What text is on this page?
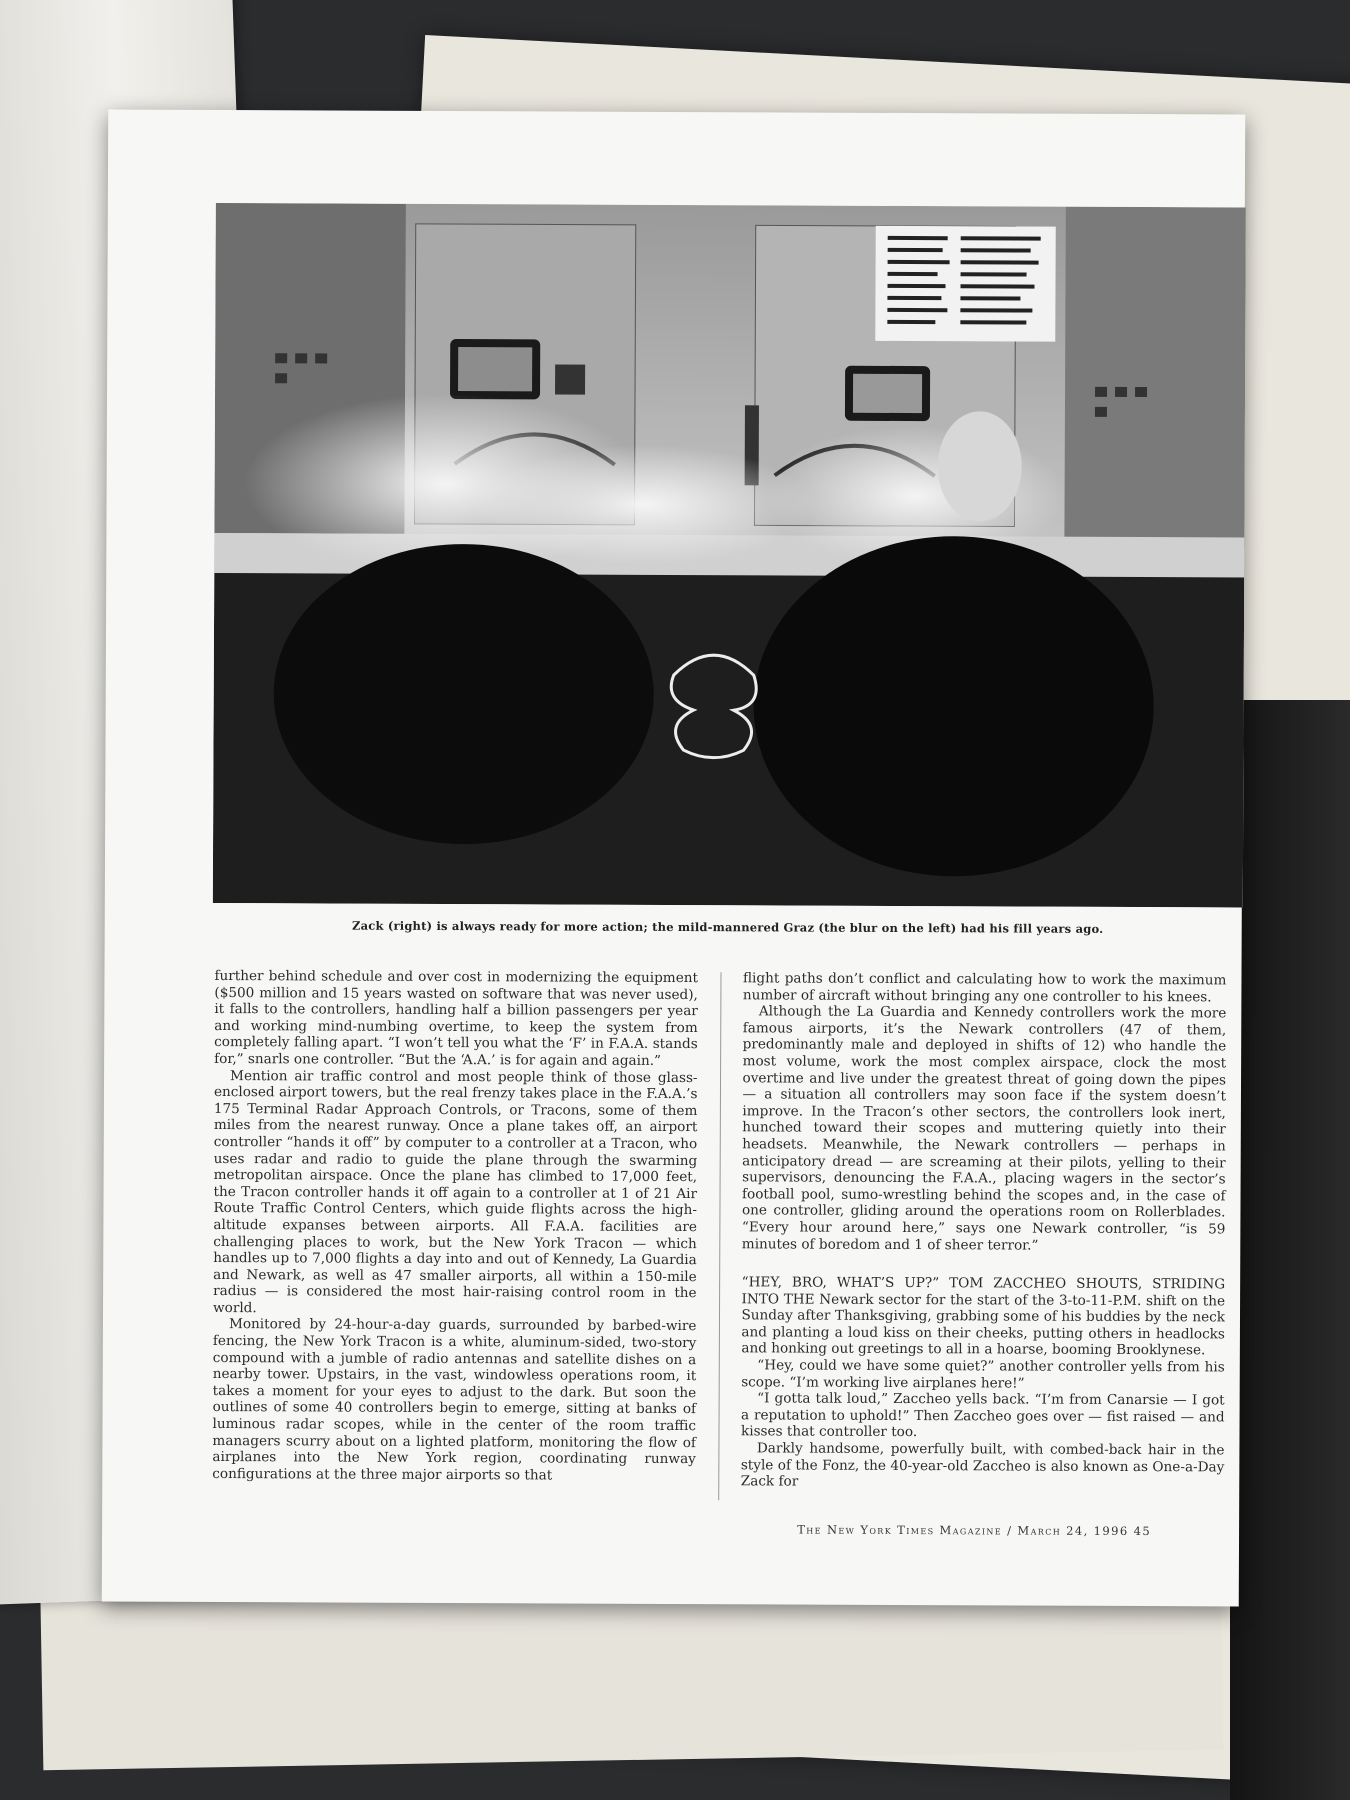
Zack (right) is always ready for more action; the mild-mannered Graz (the blur on the left) had his fill years ago.

further behind schedule and over cost in modernizing the equipment ($500 million and 15 years wasted on software that was never used), it falls to the controllers, handling half a billion passengers per year and working mind-numbing overtime, to keep the system from completely falling apart. “I won’t tell you what the ‘F’ in F.A.A. stands for,” snarls one controller. “But the ‘A.A.’ is for again and again.”

Mention air traffic control and most people think of those glass-enclosed airport towers, but the real frenzy takes place in the F.A.A.’s 175 Terminal Radar Approach Controls, or Tracons, some of them miles from the nearest runway. Once a plane takes off, an airport controller “hands it off” by computer to a controller at a Tracon, who uses radar and radio to guide the plane through the swarming metropolitan airspace. Once the plane has climbed to 17,000 feet, the Tracon controller hands it off again to a controller at 1 of 21 Air Route Traffic Control Centers, which guide flights across the high-altitude expanses between airports. All F.A.A. facilities are challenging places to work, but the New York Tracon — which handles up to 7,000 flights a day into and out of Kennedy, La Guardia and Newark, as well as 47 smaller airports, all within a 150-mile radius — is considered the most hair-raising control room in the world.

Monitored by 24-hour-a-day guards, surrounded by barbed-wire fencing, the New York Tracon is a white, aluminum-sided, two-story compound with a jumble of radio antennas and satellite dishes on a nearby tower. Upstairs, in the vast, windowless operations room, it takes a moment for your eyes to adjust to the dark. But soon the outlines of some 40 controllers begin to emerge, sitting at banks of luminous radar scopes, while in the center of the room traffic managers scurry about on a lighted platform, monitoring the flow of airplanes into the New York region, coordinating runway configurations at the three major airports so that

flight paths don’t conflict and calculating how to work the maximum number of aircraft without bringing any one controller to his knees.

Although the La Guardia and Kennedy controllers work the more famous airports, it’s the Newark controllers (47 of them, predominantly male and deployed in shifts of 12) who handle the most volume, work the most complex airspace, clock the most overtime and live under the greatest threat of going down the pipes — a situation all controllers may soon face if the system doesn’t improve. In the Tracon’s other sectors, the controllers look inert, hunched toward their scopes and muttering quietly into their headsets. Meanwhile, the Newark controllers — perhaps in anticipatory dread — are screaming at their pilots, yelling to their supervisors, denouncing the F.A.A., placing wagers in the sector’s football pool, sumo-wrestling behind the scopes and, in the case of one controller, gliding around the operations room on Rollerblades. “Every hour around here,” says one Newark controller, “is 59 minutes of boredom and 1 of sheer terror.”

“HEY, BRO, WHAT’S UP?” TOM ZACCHEO SHOUTS, STRIDING INTO THE Newark sector for the start of the 3-to-11-P.M. shift on the Sunday after Thanksgiving, grabbing some of his buddies by the neck and planting a loud kiss on their cheeks, putting others in headlocks and honking out greetings to all in a hoarse, booming Brooklynese.

“Hey, could we have some quiet?” another controller yells from his scope. “I’m working live airplanes here!”

“I gotta talk loud,” Zaccheo yells back. “I’m from Canarsie — I got a reputation to uphold!” Then Zaccheo goes over — fist raised — and kisses that controller too.

Darkly handsome, powerfully built, with combed-back hair in the style of the Fonz, the 40-year-old Zaccheo is also known as One-a-Day Zack for

The New York Times Magazine / March 24, 1996 45
